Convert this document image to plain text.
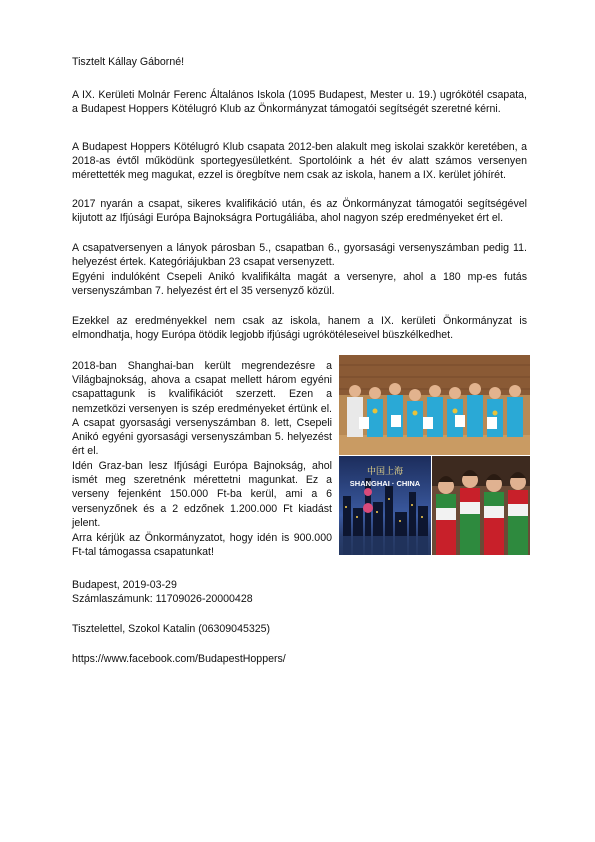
Tisztelt Kállay Gáborné!

A IX. Kerületi Molnár Ferenc Általános Iskola (1095 Budapest, Mester u. 19.) ugrókötél csapata, a Budapest Hoppers Kötélugró Klub az Önkormányzat támogatói segítségét szeretné kérni.

A Budapest Hoppers Kötélugró Klub csapata 2012-ben alakult meg iskolai szakkör keretében, a 2018-as évtől működünk sportegyesületként. Sportolóink a hét év alatt számos versenyen mérettették meg magukat, ezzel is öregbítve nem csak az iskola, hanem a IX. kerület jóhírét.

2017 nyarán a csapat, sikeres kvalifikáció után, és az Önkormányzat támogatói segítségével kijutott az Ifjúsági Európa Bajnokságra Portugáliába, ahol nagyon szép eredményeket ért el.

A csapatversenyen a lányok párosban 5., csapatban 6., gyorsasági versenyszámban pedig 11. helyezést értek. Kategóriájukban 23 csapat versenyzett.

Egyéni indulóként Csepeli Anikó kvalifikálta magát a versenyre, ahol a 180 mp-es futás versenyszámban 7. helyezést ért el 35 versenyző közül.

Ezekkel az eredményekkel nem csak az iskola, hanem a IX. kerületi Önkormányzat is elmondhatja, hogy Európa ötödik legjobb ifjúsági ugrókötéleseivel büszkélkedhet.

2018-ban Shanghai-ban került megrendezésre a Világbajnokság, ahova a csapat mellett három egyéni csapattagunk is kvalifikációt szerzett. Ezen a nemzetközi versenyen is szép eredményeket értünk el. A csapat gyorsasági versenyszámban 8. lett, Csepeli Anikó egyéni gyorsasági versenyszámban 5. helyezést ért el.

Idén Graz-ban lesz Ifjúsági Európa Bajnokság, ahol ismét meg szeretnénk mérettetni magunkat. Ez a verseny fejenként 150.000 Ft-ba kerül, ami a 6 versenyzőnek és a 2 edzőnek 1.200.000 Ft kiadást jelent.

Arra kérjük az Önkormányzatot, hogy idén is 900.000 Ft-tal támogassa csapatunkat!

Budapest, 2019-03-29

Számlaszámunk: 11709026-20000428

Tisztelettel, Szokol Katalin (06309045325)

https://www.facebook.com/BudapestHoppers/

中国上海
SHANGHAI · CHINA
